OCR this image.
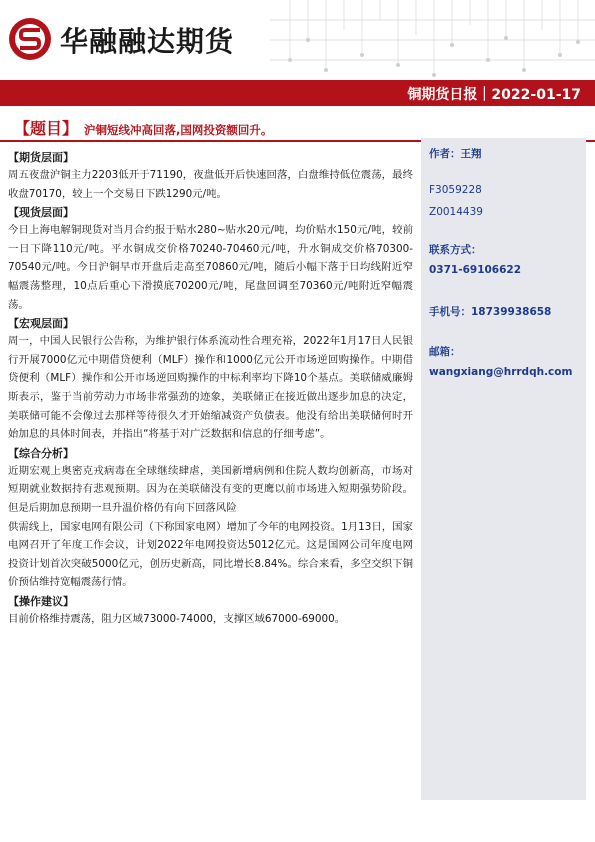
华融融达期货
铜期货日报｜2022-01-17
【题目】 沪铜短线冲高回落,国网投资额回升。
【期货层面】

周五夜盘沪铜主力2203低开于71190，夜盘低开后快速回落，白盘维持低位震荡，最终收盘70170，较上一个交易日下跌1290元/吨。

【现货层面】

今日上海电解铜现货对当月合约报于贴水280~贴水20元/吨，均价贴水150元/吨，较前一日下降110元/吨。平水铜成交价格70240-70460元/吨，升水铜成交价格70300-70540元/吨。今日沪铜早市开盘后走高至70860元/吨，随后小幅下落于日均线附近窄幅震荡整理，10点后重心下滑摸底70200元/吨，尾盘回调至70360元/吨附近窄幅震荡。

【宏观层面】

周一，中国人民银行公告称，为维护银行体系流动性合理充裕，2022年1月17日人民银行开展7000亿元中期借贷便利（MLF）操作和1000亿元公开市场逆回购操作。中期借贷便利（MLF）操作和公开市场逆回购操作的中标利率均下降10个基点。美联储威廉姆斯表示，鉴于当前劳动力市场非常强劲的迹象，美联储正在接近做出逐步加息的决定，美联储可能不会像过去那样等待很久才开始缩减资产负债表。他没有给出美联储何时开始加息的具体时间表，并指出“将基于对广泛数据和信息的仔细考虑”。

【综合分析】

近期宏观上奥密克戎病毒在全球继续肆虐，美国新增病例和住院人数均创新高，市场对短期就业数据持有悲观预期。因为在美联储没有变的更鹰以前市场进入短期强势阶段。但是后期加息预期一旦升温价格仍有向下回落风险

供需线上，国家电网有限公司（下称国家电网）增加了今年的电网投资。1月13日，国家电网召开了年度工作会议，计划2022年电网投资达5012亿元。这是国网公司年度电网投资计划首次突破5000亿元，创历史新高，同比增长8.84%。综合来看，多空交织下铜价预估维持宽幅震荡行情。

【操作建议】

目前价格维持震荡，阻力区域73000-74000，支撑区域67000-69000。

作者：王翔
F3059228
Z0014439
联系方式：
0371-69106622
手机号：18739938658
邮箱：
wangxiang@hrrdqh.com
